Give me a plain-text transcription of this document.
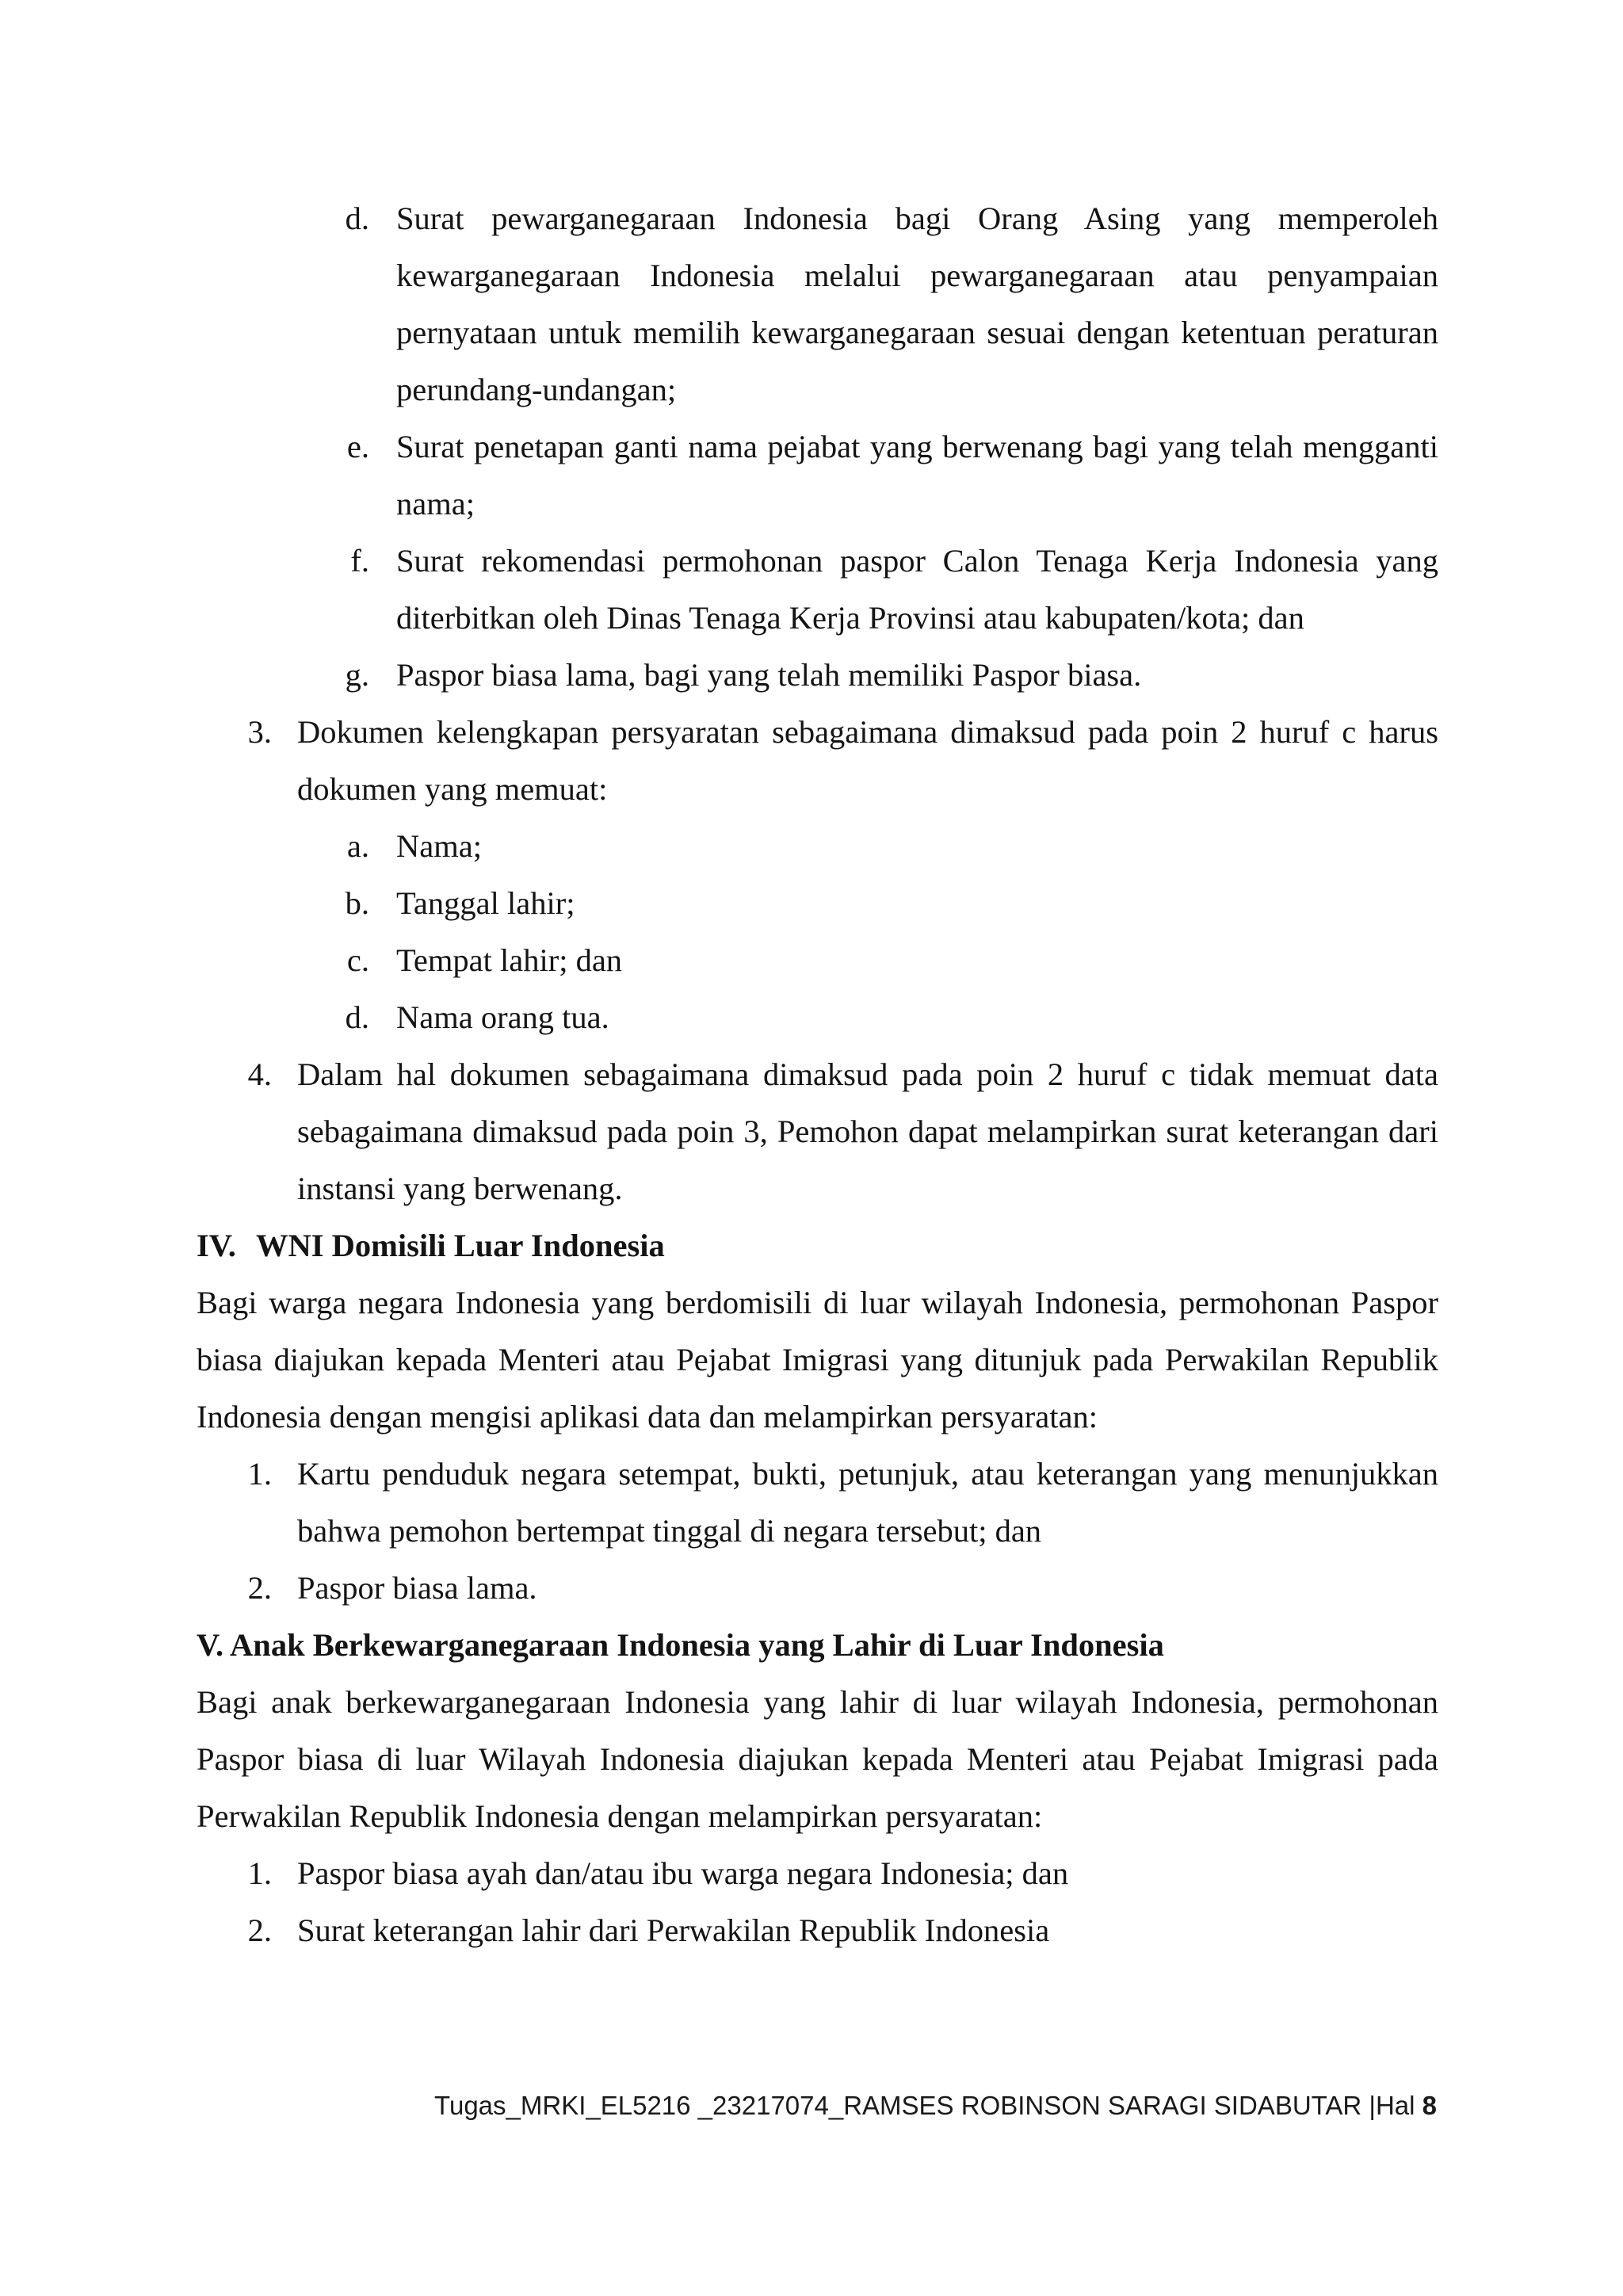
d. Surat pewarganegaraan Indonesia bagi Orang Asing yang memperoleh
kewarganegaraan Indonesia melalui pewarganegaraan atau penyampaian
pernyataan untuk memilih kewarganegaraan sesuai dengan ketentuan peraturan
perundang-undangan;
e. Surat penetapan ganti nama pejabat yang berwenang bagi yang telah mengganti
nama;
f. Surat rekomendasi permohonan paspor Calon Tenaga Kerja Indonesia yang
diterbitkan oleh Dinas Tenaga Kerja Provinsi atau kabupaten/kota; dan
g. Paspor biasa lama, bagi yang telah memiliki Paspor biasa.
3. Dokumen kelengkapan persyaratan sebagaimana dimaksud pada poin 2 huruf c harus
dokumen yang memuat:
a. Nama;
b. Tanggal lahir;
c. Tempat lahir; dan
d. Nama orang tua.
4. Dalam hal dokumen sebagaimana dimaksud pada poin 2 huruf c tidak memuat data
sebagaimana dimaksud pada poin 3, Pemohon dapat melampirkan surat keterangan dari
instansi yang berwenang.
IV. WNI Domisili Luar Indonesia
Bagi warga negara Indonesia yang berdomisili di luar wilayah Indonesia, permohonan Paspor
biasa diajukan kepada Menteri atau Pejabat Imigrasi yang ditunjuk pada Perwakilan Republik
Indonesia dengan mengisi aplikasi data dan melampirkan persyaratan:
1. Kartu penduduk negara setempat, bukti, petunjuk, atau keterangan yang menunjukkan
bahwa pemohon bertempat tinggal di negara tersebut; dan
2. Paspor biasa lama.
V. Anak Berkewarganegaraan Indonesia yang Lahir di Luar Indonesia
Bagi anak berkewarganegaraan Indonesia yang lahir di luar wilayah Indonesia, permohonan
Paspor biasa di luar Wilayah Indonesia diajukan kepada Menteri atau Pejabat Imigrasi pada
Perwakilan Republik Indonesia dengan melampirkan persyaratan:
1. Paspor biasa ayah dan/atau ibu warga negara Indonesia; dan
2. Surat keterangan lahir dari Perwakilan Republik Indonesia
Tugas_MRKI_EL5216 _23217074_RAMSES ROBINSON SARAGI SIDABUTAR |Hal 8
